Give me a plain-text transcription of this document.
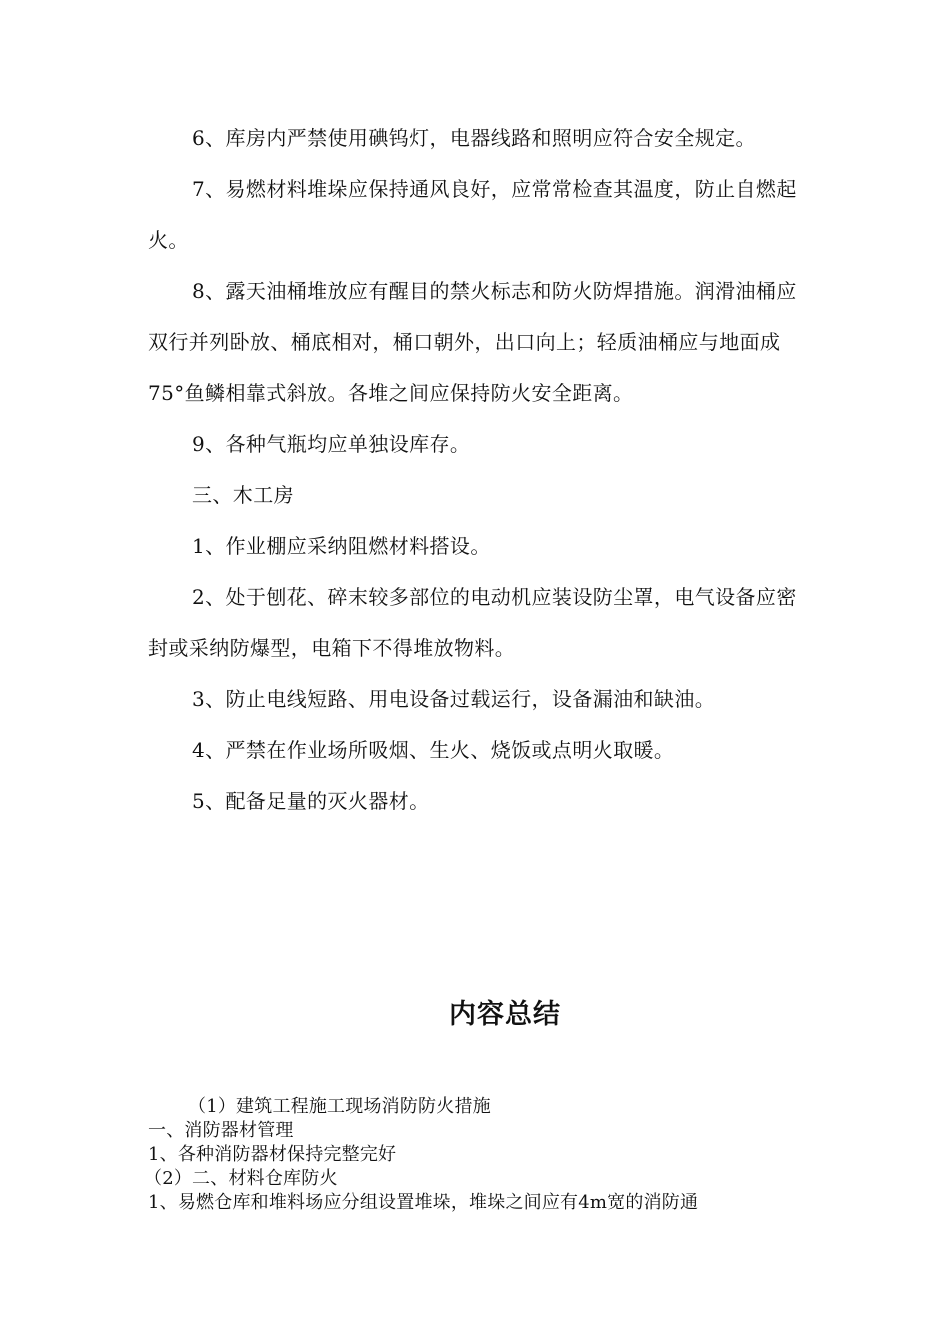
6、库房内严禁使用碘钨灯，电器线路和照明应符合安全规定。

7、易燃材料堆垛应保持通风良好，应常常检查其温度，防止自燃起火。

8、露天油桶堆放应有醒目的禁火标志和防火防焊措施。润滑油桶应双行并列卧放、桶底相对，桶口朝外，出口向上；轻质油桶应与地面成75°鱼鳞相靠式斜放。各堆之间应保持防火安全距离。

9、各种气瓶均应单独设库存。

三、木工房

1、作业棚应采纳阻燃材料搭设。

2、处于刨花、碎末较多部位的电动机应装设防尘罩，电气设备应密封或采纳防爆型，电箱下不得堆放物料。

3、防止电线短路、用电设备过载运行，设备漏油和缺油。

4、严禁在作业场所吸烟、生火、烧饭或点明火取暖。

5、配备足量的灭火器材。

内容总结

（1）建筑工程施工现场消防防火措施

一、消防器材管理

1、各种消防器材保持完整完好

（2）二、材料仓库防火

1、易燃仓库和堆料场应分组设置堆垛，堆垛之间应有4m宽的消防通
